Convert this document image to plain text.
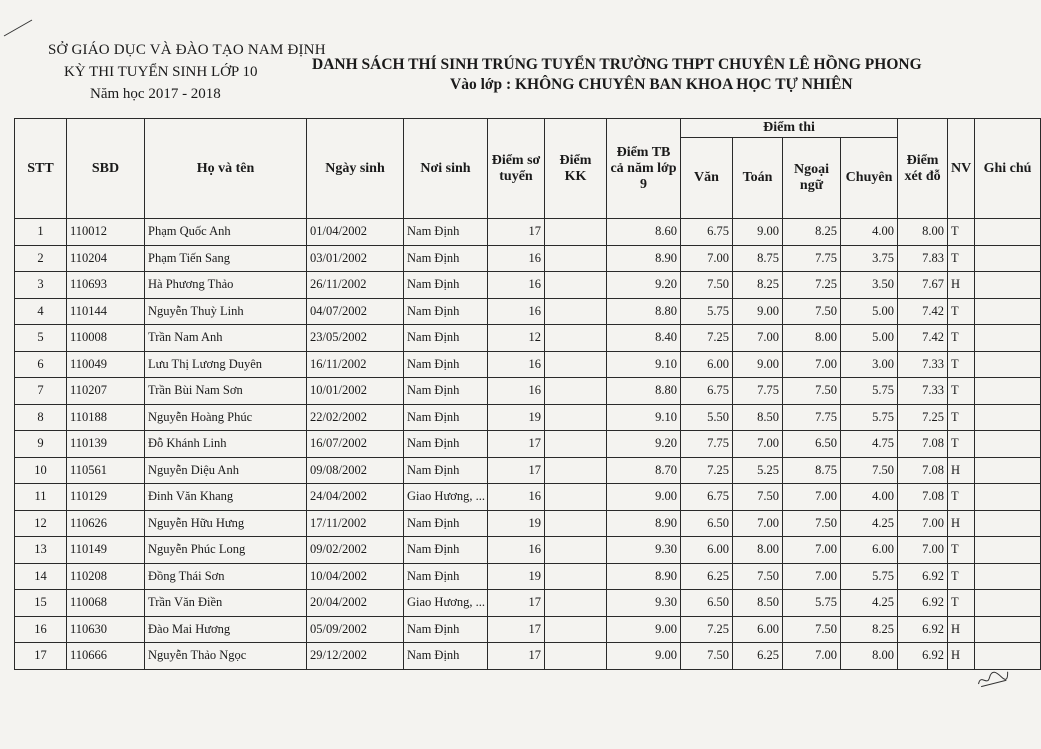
SỞ GIÁO DỤC VÀ ĐÀO TẠO NAM ĐỊNH
KỲ THI TUYỂN SINH LỚP 10
Năm học 2017 - 2018
DANH SÁCH THÍ SINH TRÚNG TUYỂN TRƯỜNG THPT CHUYÊN LÊ HỒNG PHONG
Vào lớp : KHÔNG CHUYÊN BAN KHOA HỌC TỰ NHIÊN
STT	SBD	Họ và tên	Ngày sinh	Nơi sinh	Điểm sơ tuyển	Điểm KK	Điểm TB cả năm lớp 9	Điểm thi				Điểm xét đỗ	NV	Ghi chú
								Văn	Toán	Ngoại ngữ	Chuyên			
1	110012	Phạm Quốc Anh	01/04/2002	Nam Định	17		8.60	6.75	9.00	8.25	4.00	8.00	T	
2	110204	Phạm Tiến Sang	03/01/2002	Nam Định	16		8.90	7.00	8.75	7.75	3.75	7.83	T	
3	110693	Hà Phương Thảo	26/11/2002	Nam Định	16		9.20	7.50	8.25	7.25	3.50	7.67	H	
4	110144	Nguyễn Thuỳ Linh	04/07/2002	Nam Định	16		8.80	5.75	9.00	7.50	5.00	7.42	T	
5	110008	Trần Nam Anh	23/05/2002	Nam Định	12		8.40	7.25	7.00	8.00	5.00	7.42	T	
6	110049	Lưu Thị Lương Duyên	16/11/2002	Nam Định	16		9.10	6.00	9.00	7.00	3.00	7.33	T	
7	110207	Trần Bùi Nam Sơn	10/01/2002	Nam Định	16		8.80	6.75	7.75	7.50	5.75	7.33	T	
8	110188	Nguyễn Hoàng Phúc	22/02/2002	Nam Định	19		9.10	5.50	8.50	7.75	5.75	7.25	T	
9	110139	Đỗ Khánh Linh	16/07/2002	Nam Định	17		9.20	7.75	7.00	6.50	4.75	7.08	T	
10	110561	Nguyễn Diệu Anh	09/08/2002	Nam Định	17		8.70	7.25	5.25	8.75	7.50	7.08	H	
11	110129	Đinh Văn Khang	24/04/2002	Giao Hương, ...	16		9.00	6.75	7.50	7.00	4.00	7.08	T	
12	110626	Nguyễn Hữu Hưng	17/11/2002	Nam Định	19		8.90	6.50	7.00	7.50	4.25	7.00	H	
13	110149	Nguyễn Phúc Long	09/02/2002	Nam Định	16		9.30	6.00	8.00	7.00	6.00	7.00	T	
14	110208	Đồng Thái Sơn	10/04/2002	Nam Định	19		8.90	6.25	7.50	7.00	5.75	6.92	T	
15	110068	Trần Văn Điền	20/04/2002	Giao Hương, ...	17		9.30	6.50	8.50	5.75	4.25	6.92	T	
16	110630	Đào Mai Hương	05/09/2002	Nam Định	17		9.00	7.25	6.00	7.50	8.25	6.92	H	
17	110666	Nguyễn Thảo Ngọc	29/12/2002	Nam Định	17		9.00	7.50	6.25	7.00	8.00	6.92	H	
